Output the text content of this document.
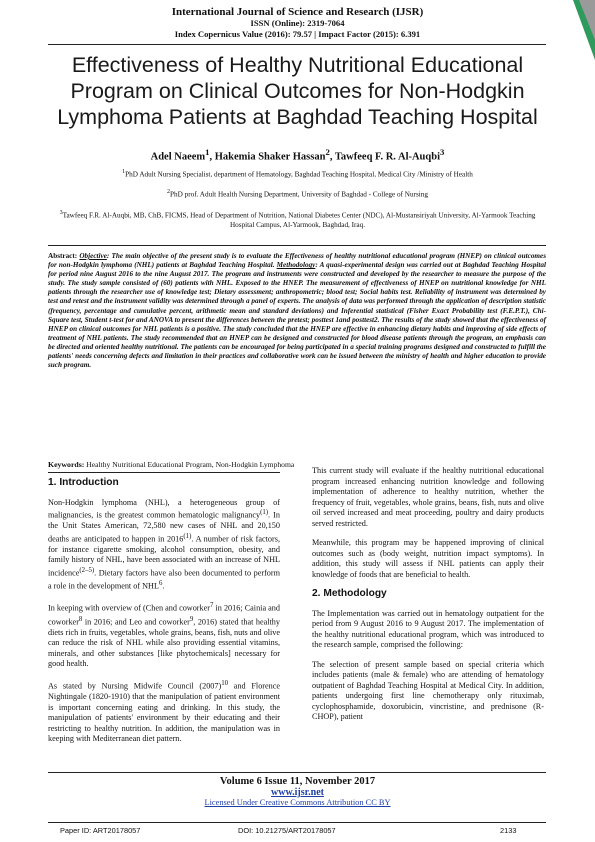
International Journal of Science and Research (IJSR)
ISSN (Online): 2319-7064
Index Copernicus Value (2016): 79.57 | Impact Factor (2015): 6.391
Effectiveness of Healthy Nutritional Educational Program on Clinical Outcomes for Non-Hodgkin Lymphoma Patients at Baghdad Teaching Hospital
Adel Naeem$^1$, Hakemia Shaker Hassan$^2$, Tawfeeq F. R. Al-Auqbi$^3$
$^1$PhD Adult Nursing Specialist, department of Hematology, Baghdad Teaching Hospital, Medical City /Ministry of Health
$^2$PhD prof. Adult Health Nursing Department, University of Baghdad - College of Nursing
$^3$Tawfeeq F.R. Al-Auqbi, MB, ChB, FICMS, Head of Department of Nutrition, National Diabetes Center (NDC), Al-Mustansiriyah University, Al-Yarmook Teaching Hospital Campus, Al-Yarmook, Baghdad, Iraq.
Abstract: Objective: The main objective of the present study is to evaluate the Effectiveness of healthy nutritional educational program (HNEP) on clinical outcomes for non-Hodgkin lymphoma (NHL) patients at Baghdad Teaching Hospital. Methodology: A quasi-experimental design was carried out at Baghdad Teaching Hospital for period nine August 2016 to the nine August 2017. The program and instruments were constructed and developed by the researcher to measure the purpose of the study. The study sample consisted of (60) patients with NHL. Exposed to the HNEP. The measurement of effectiveness of HNEP on nutritional knowledge for NHL patients through the researcher use of knowledge test; Dietary assessment; anthropometric; blood test; Social habits test. Reliability of instrument was determined by test and retest and the instrument validity was determined through a panel of experts. The analysis of data was performed through the application of description statistic (frequency, percentage and cumulative percent, arithmetic mean and standard deviations) and Inferential statistical (Fisher Exact Probability test (F.E.P.T.), Chi-Square test, Student t-test for and ANOVA to present the differences between the pretest; posttest 1and posttest2. The results of the study showed that the effectiveness of HNEP on clinical outcomes for NHL patients is a positive. The study concluded that the HNEP are effective in enhancing dietary habits and improving of side effects of treatment of NHL patients. The study recommended that an HNEP can be designed and constructed for blood disease patients through the program, an emphasis can be directed and oriented healthy nutritional. The patients can be encouraged for being participated in a special training programs designed and constructed to fulfill the patients' needs concerning defects and limitation in their practices and collaborative work can be issued between the ministry of health and higher education to provide such program.
Keywords: Healthy Nutritional Educational Program, Non-Hodgkin Lymphoma
1. Introduction

Non-Hodgkin lymphoma (NHL), a heterogeneous group of malignancies, is the greatest common hematologic malignancy$^{(1)}$. In the Unit States American, 72,580 new cases of NHL and 20,150 deaths are anticipated to happen in 2016$^{(1)}$. A number of risk factors, for instance cigarette smoking, alcohol consumption, obesity, and family history of NHL, have been associated with an increase of NHL incidence$^{(2-5)}$. Dietary factors have also been documented to perform a role in the development of NHL$^6$.

In keeping with overview of (Chen and coworker$^7$ in 2016; Cainia and coworker$^8$ in 2016; and Leo and coworker$^9$, 2016) stated that healthy diets rich in fruits, vegetables, whole grains, beans, fish, nuts and olive can reduce the risk of NHL while also providing essential vitamins, minerals, and other substances [like phytochemicals] necessary for good health.

As stated by Nursing Midwife Council $(2007)^{10}$ and Florence Nightingale (1820-1910) that the manipulation of patient environment is important concerning eating and drinking. In this study, the manipulation of patients' environment by their educating and their restricting to healthy nutrition. In addition, the manipulation was in keeping with Mediterranean diet pattern.

This current study will evaluate if the healthy nutritional educational program increased enhancing nutrition knowledge and following implementation of adherence to healthy nutrition, whether the frequency of fruit, vegetables, whole grains, beans, fish, nuts and olive oil served increased and meat proceeding, poultry and dairy products served restricted.

Meanwhile, this program may be happened improving of clinical outcomes such as (body weight, nutrition impact symptoms). In addition, this study will assess if NHL patients can apply their knowledge of foods that are beneficial to health.

2. Methodology

The Implementation was carried out in hematology outpatient for the period from 9 August 2016 to 9 August 2017. The implementation of the healthy nutritional educational program, which was introduced to the research sample, comprised the following:

The selection of present sample based on special criteria which includes patients (male & female) who are attending of hematology outpatient of Baghdad Teaching Hospital at Medical City. In addition, patients undergoing first line chemotherapy only rituximab, cyclophosphamide, doxorubicin, vincristine, and prednisone (R-CHOP), patient

Volume 6 Issue 11, November 2017
www.ijsr.net
Licensed Under Creative Commons Attribution CC BY
Paper ID: ART20178057	DOI: 10.21275/ART20178057	2133
